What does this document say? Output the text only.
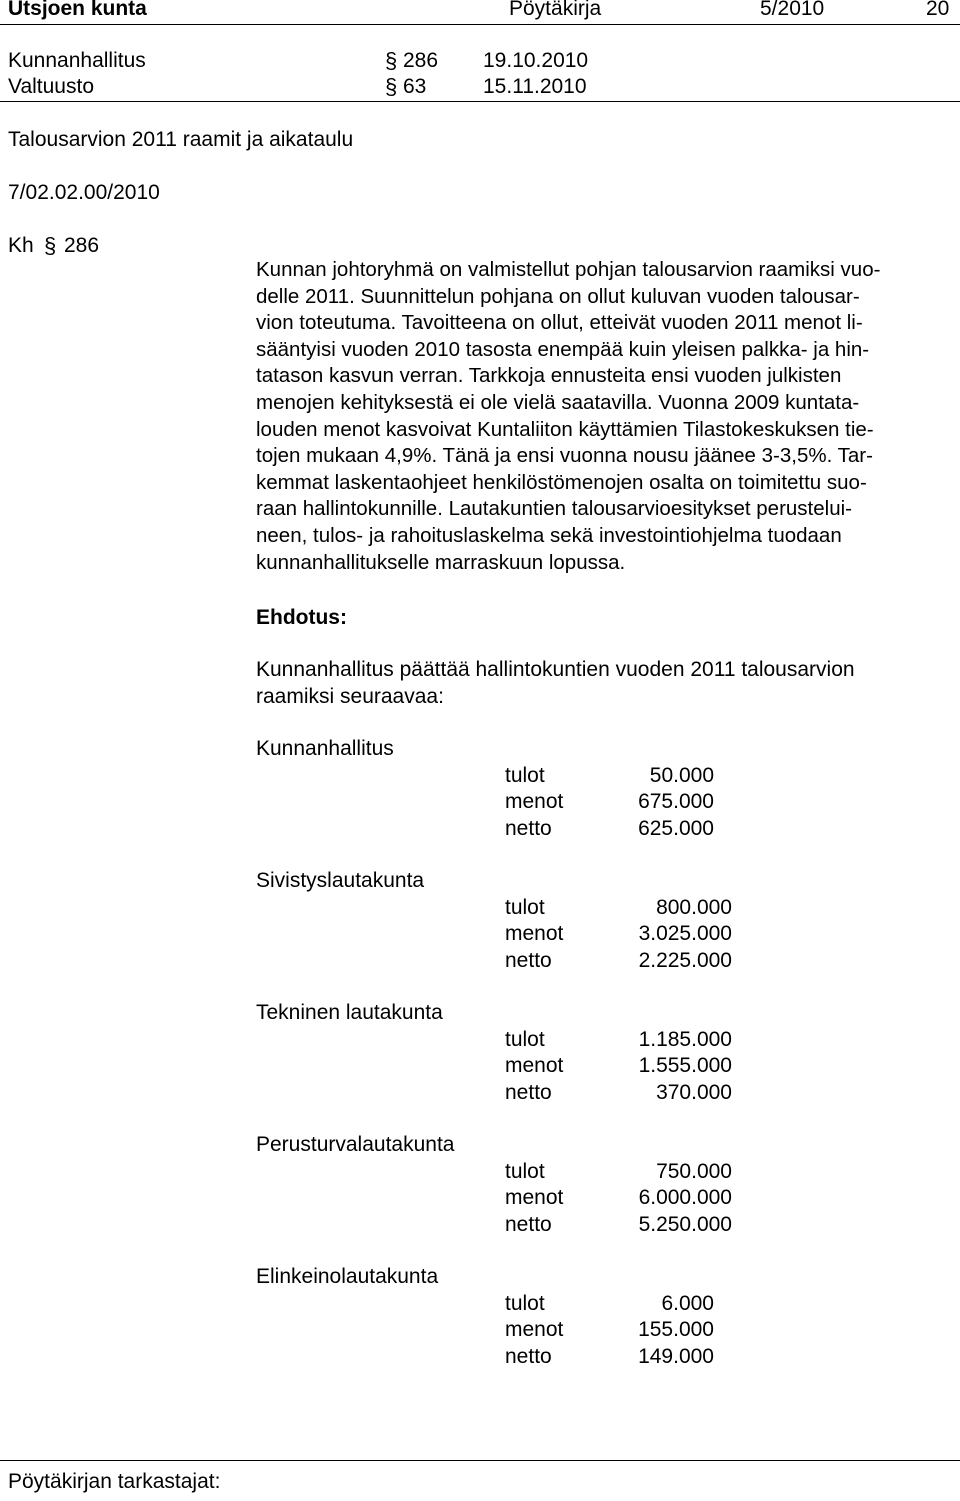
Utsjoen kunta	Pöytäkirja	5/2010	20
Kunnanhallitus	§ 286 19.10.2010
Valtuusto	§ 63	15.11.2010
Talousarvion 2011 raamit ja aikataulu
7/02.02.00/2010
Kh § 286
Kunnan johtoryhmä on valmistellut pohjan talousarvion raamiksi vuo-
delle 2011. Suunnittelun pohjana on ollut kuluvan vuoden talousar-
vion toteutuma. Tavoitteena on ollut, etteivät vuoden 2011 menot li-
sääntyisi vuoden 2010 tasosta enempää kuin yleisen palkka- ja hin-
tatason kasvun verran. Tarkkoja ennusteita ensi vuoden julkisten
menojen kehityksestä ei ole vielä saatavilla. Vuonna 2009 kuntata-
louden menot kasvoivat Kuntaliiton käyttämien Tilastokeskuksen tie-
tojen mukaan 4,9%. Tänä ja ensi vuonna nousu jäänee 3-3,5%. Tar-
kemmat laskentaohjeet henkilöstömenojen osalta on toimitettu suo-
raan hallintokunnille. Lautakuntien talousarvioesitykset perustelui-
neen, tulos- ja rahoituslaskelma sekä investointiohjelma tuodaan
kunnanhallitukselle marraskuun lopussa.
Ehdotus:
Kunnanhallitus päättää hallintokuntien vuoden 2011 talousarvion
raamiksi seuraavaa:
Kunnanhallitus
tulot	50.000
menot	675.000
netto	625.000
Sivistyslautakunta
tulot	800.000
menot	3.025.000
netto	2.225.000
Tekninen lautakunta
tulot	1.185.000
menot	1.555.000
netto	370.000
Perusturvalautakunta
tulot	750.000
menot	6.000.000
netto	5.250.000
Elinkeinolautakunta
tulot	6.000
menot	155.000
netto	149.000
Pöytäkirjan tarkastajat:
